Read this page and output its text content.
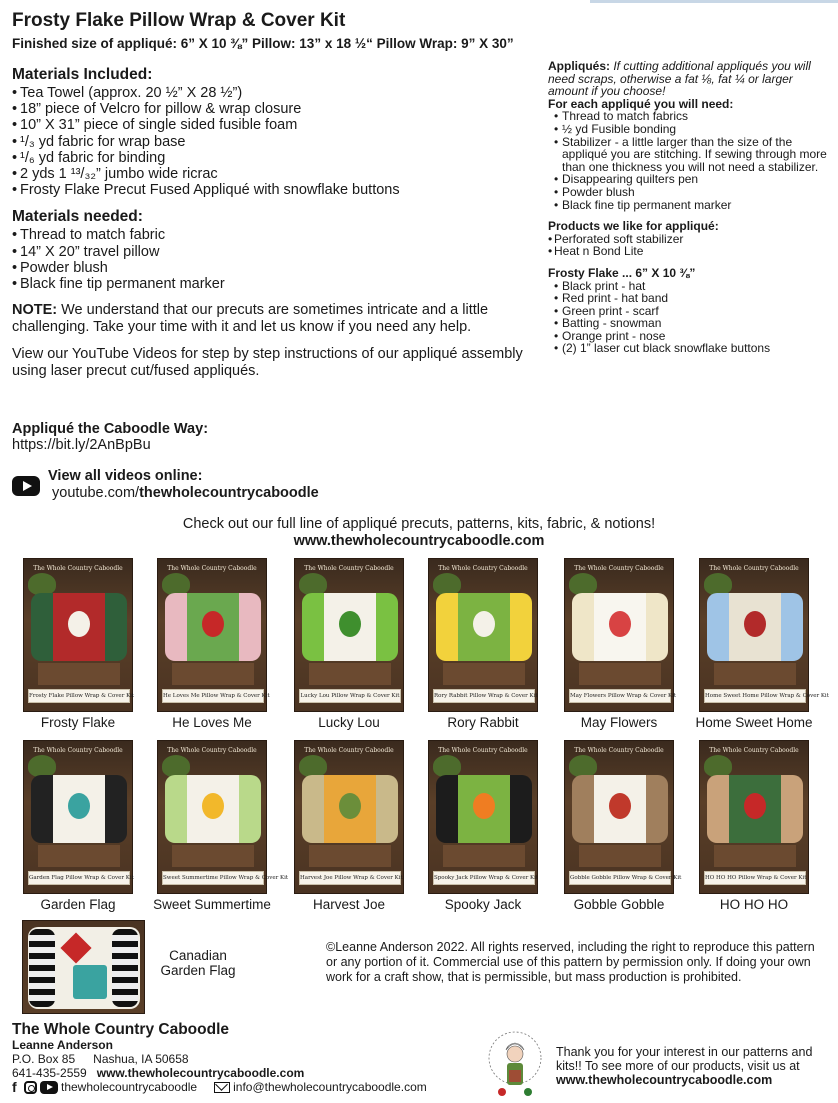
Frosty Flake Pillow Wrap & Cover Kit
Finished size of appliqué: 6” X 10 ⅜” Pillow: 13” x 18 ½“ Pillow Wrap: 9” X 30”
Materials Included:
• Tea Towel (approx. 20 ½” X 28 ½”)
• 18” piece of Velcro for pillow & wrap closure
• 10” X 31” piece of single sided fusible foam
• ¹/₃ yd fabric for wrap base
• ¹/₆ yd fabric for binding
• 2 yds 1 ¹³/₃₂” jumbo wide ricrac
• Frosty Flake Precut Fused Appliqué with snowflake buttons
Materials needed:
• Thread to match fabric
• 14” X 20” travel pillow
• Powder blush
• Black fine tip permanent marker
NOTE: We understand that our precuts are sometimes intricate and a little challenging. Take your time with it and let us know if you need any help.
View our YouTube Videos for step by step instructions of our appliqué assembly using laser precut cut/fused appliqués.
Appliqués: If cutting additional appliqués you will need scraps, otherwise a fat ⅛, fat ¼ or larger amount if you choose!
For each appliqué you will need:
• Thread to match fabrics
• ½ yd Fusible bonding
• Stabilizer - a little larger than the size of the appliqué you are stitching. If sewing through more than one thickness you will not need a stabilizer.
• Disappearing quilters pen
• Powder blush
• Black fine tip permanent marker
Products we like for appliqué:
• Perforated soft stabilizer
• Heat n Bond Lite
Frosty Flake ... 6” X 10 ⅜”
• Black print - hat
• Red print - hat band
• Green print - scarf
• Batting - snowman
• Orange print - nose
• (2) 1” laser cut black snowflake buttons
Appliqué the Caboodle Way:
https://bit.ly/2AnBpBu
View all videos online:
youtube.com/thewholecountrycaboodle
Check out our full line of appliqué precuts, patterns, kits, fabric, & notions!
www.thewholecountrycaboodle.com
The Whole Country Caboodle
Frosty Flake Pillow Wrap & Cover Kit
Frosty Flake
The Whole Country Caboodle
He Loves Me Pillow Wrap & Cover Kit
He Loves Me
The Whole Country Caboodle
Lucky Lou Pillow Wrap & Cover Kit
Lucky Lou
The Whole Country Caboodle
Rory Rabbit Pillow Wrap & Cover Kit
Rory Rabbit
The Whole Country Caboodle
May Flowers Pillow Wrap & Cover Kit
May Flowers
The Whole Country Caboodle
Home Sweet Home Pillow Wrap & Cover Kit
Home Sweet Home
The Whole Country Caboodle
Garden Flag Pillow Wrap & Cover Kit
Garden Flag
The Whole Country Caboodle
Sweet Summertime Pillow Wrap & Cover Kit
Sweet Summertime
The Whole Country Caboodle
Harvest Joe Pillow Wrap & Cover Kit
Harvest Joe
The Whole Country Caboodle
Spooky Jack Pillow Wrap & Cover Kit
Spooky Jack
The Whole Country Caboodle
Gobble Gobble Pillow Wrap & Cover Kit
Gobble Gobble
The Whole Country Caboodle
HO HO HO Pillow Wrap & Cover Kit
HO HO HO
Canadian Garden Flag
©Leanne Anderson 2022. All rights reserved, including the right to reproduce this pattern or any portion of it. Commercial use of this pattern by permission only. If doing your own work for a craft show, that is permissible, but mass production is prohibited.
The Whole Country Caboodle
Leanne Anderson
P.O. Box 85 Nashua, IA 50658
641-435-2559 www.thewholecountrycaboodle.com
f	thewholecountrycaboodle	info@thewholecountrycaboodle.com
Thank you for your interest in our patterns and kits!! To see more of our products, visit us at www.thewholecountrycaboodle.com
